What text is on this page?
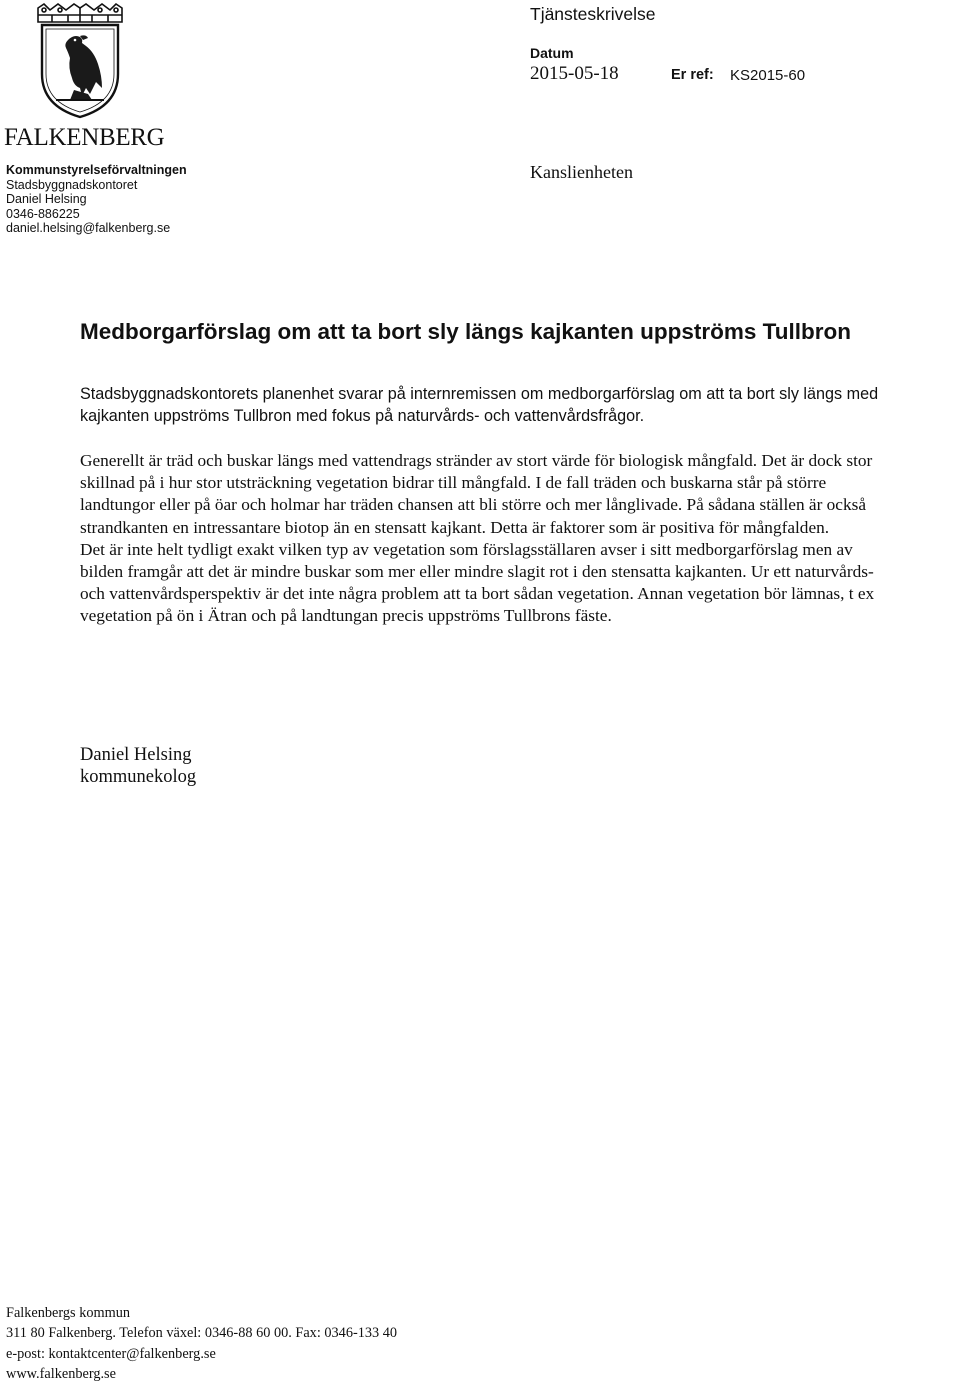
FALKENBERG
Kommunstyrelseförvaltningen
Stadsbyggnadskontoret
Daniel Helsing
0346-886225
daniel.helsing@falkenberg.se
Tjänsteskrivelse
Datum
2015-05-18	Er ref: KS2015-60
Kanslienheten
Medborgarförslag om att ta bort sly längs kajkanten uppströms Tullbron
Stadsbyggnadskontorets planenhet svarar på internremissen om medborgarförslag om att ta bort sly längs med kajkanten uppströms Tullbron med fokus på naturvårds- och vattenvårdsfrågor.

Generellt är träd och buskar längs med vattendrags stränder av stort värde för biologisk mångfald. Det är dock stor skillnad på i hur stor utsträckning vegetation bidrar till mångfald. I de fall träden och buskarna står på större landtungor eller på öar och holmar har träden chansen att bli större och mer långlivade. På sådana ställen är också strandkanten en intressantare biotop än en stensatt kajkant. Detta är faktorer som är positiva för mångfalden.

Det är inte helt tydligt exakt vilken typ av vegetation som förslagsställaren avser i sitt medborgarförslag men av bilden framgår att det är mindre buskar som mer eller mindre slagit rot i den stensatta kajkanten. Ur ett naturvårds- och vattenvårdsperspektiv är det inte några problem att ta bort sådan vegetation. Annan vegetation bör lämnas, t ex vegetation på ön i Ätran och på landtungan precis uppströms Tullbrons fäste.

Daniel Helsing
kommunekolog
Falkenbergs kommun
311 80 Falkenberg. Telefon växel: 0346-88 60 00. Fax: 0346-133 40
e-post: kontaktcenter@falkenberg.se
www.falkenberg.se
